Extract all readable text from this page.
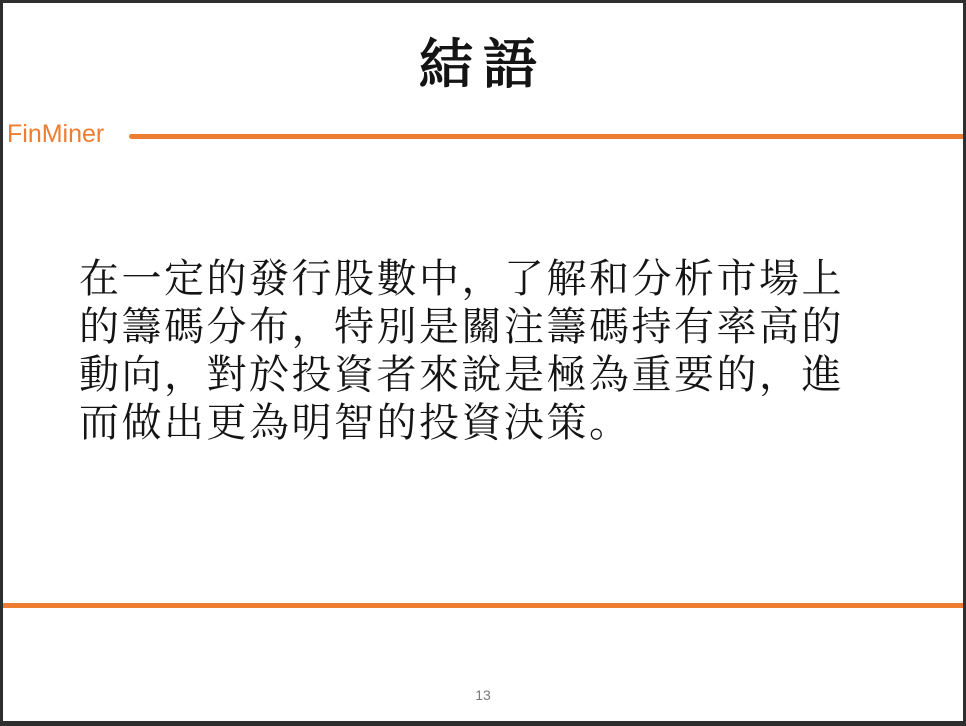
結語
FinMiner
在一定的發行股數中，了解和分析市場上
的籌碼分布，特別是關注籌碼持有率高的
動向，對於投資者來說是極為重要的，進
而做出更為明智的投資決策。
13
